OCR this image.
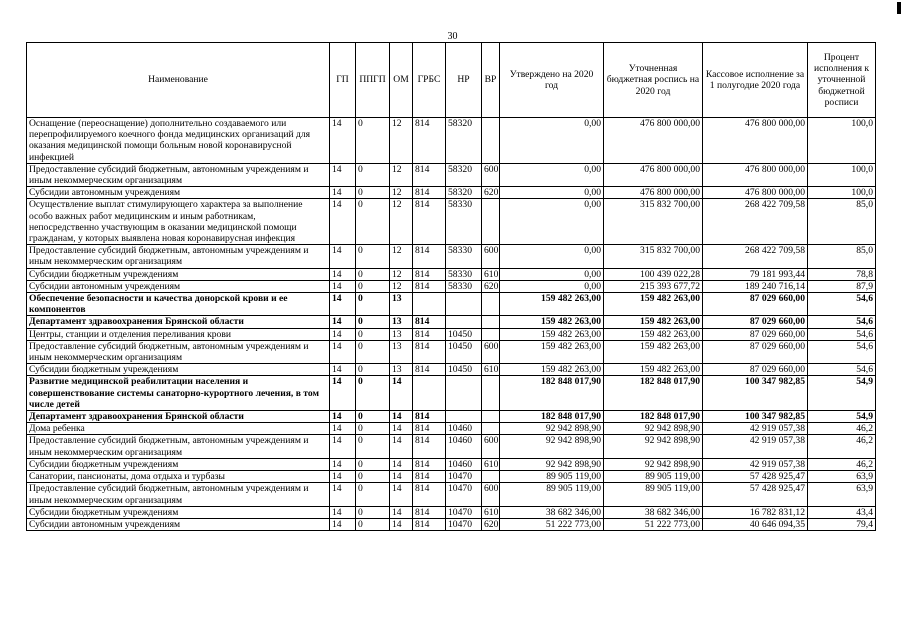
30
Наименование	ГП	ППГП	ОМ	ГРБС	НР	ВР	Утверждено на 2020 год	Уточненная бюджетная роспись на 2020 год	Кассовое исполнение за 1 полугодие 2020 года	Процент исполнения к уточненной бюджетной росписи
Оснащение (переоснащение) дополнительно создаваемого или перепрофилируемого коечного фонда медицинских организаций для оказания медицинской помощи больным новой коронавирусной инфекцией	14	0	12	814	58320		0,00	476 800 000,00	476 800 000,00	100,0
Предоставление субсидий бюджетным, автономным учреждениям и иным некоммерческим организациям	14	0	12	814	58320	600	0,00	476 800 000,00	476 800 000,00	100,0
Субсидии автономным учреждениям	14	0	12	814	58320	620	0,00	476 800 000,00	476 800 000,00	100,0
Осуществление выплат стимулирующего характера за выполнение особо важных работ медицинским и иным работникам, непосредственно участвующим в оказании медицинской помощи гражданам, у которых выявлена новая коронавирусная инфекция	14	0	12	814	58330		0,00	315 832 700,00	268 422 709,58	85,0
Предоставление субсидий бюджетным, автономным учреждениям и иным некоммерческим организациям	14	0	12	814	58330	600	0,00	315 832 700,00	268 422 709,58	85,0
Субсидии бюджетным учреждениям	14	0	12	814	58330	610	0,00	100 439 022,28	79 181 993,44	78,8
Субсидии автономным учреждениям	14	0	12	814	58330	620	0,00	215 393 677,72	189 240 716,14	87,9
Обеспечение безопасности и качества донорской крови и ее компонентов	14	0	13				159 482 263,00	159 482 263,00	87 029 660,00	54,6
Департамент здравоохранения Брянской области	14	0	13	814			159 482 263,00	159 482 263,00	87 029 660,00	54,6
Центры, станции и отделения переливания крови	14	0	13	814	10450		159 482 263,00	159 482 263,00	87 029 660,00	54,6
Предоставление субсидий бюджетным, автономным учреждениям и иным некоммерческим организациям	14	0	13	814	10450	600	159 482 263,00	159 482 263,00	87 029 660,00	54,6
Субсидии бюджетным учреждениям	14	0	13	814	10450	610	159 482 263,00	159 482 263,00	87 029 660,00	54,6
Развитие медицинской реабилитации населения и совершенствование системы санаторно-курортного лечения, в том числе детей	14	0	14				182 848 017,90	182 848 017,90	100 347 982,85	54,9
Департамент здравоохранения Брянской области	14	0	14	814			182 848 017,90	182 848 017,90	100 347 982,85	54,9
Дома ребенка	14	0	14	814	10460		92 942 898,90	92 942 898,90	42 919 057,38	46,2
Предоставление субсидий бюджетным, автономным учреждениям и иным некоммерческим организациям	14	0	14	814	10460	600	92 942 898,90	92 942 898,90	42 919 057,38	46,2
Субсидии бюджетным учреждениям	14	0	14	814	10460	610	92 942 898,90	92 942 898,90	42 919 057,38	46,2
Санатории, пансионаты, дома отдыха и турбазы	14	0	14	814	10470		89 905 119,00	89 905 119,00	57 428 925,47	63,9
Предоставление субсидий бюджетным, автономным учреждениям и иным некоммерческим организациям	14	0	14	814	10470	600	89 905 119,00	89 905 119,00	57 428 925,47	63,9
Субсидии бюджетным учреждениям	14	0	14	814	10470	610	38 682 346,00	38 682 346,00	16 782 831,12	43,4
Субсидии автономным учреждениям	14	0	14	814	10470	620	51 222 773,00	51 222 773,00	40 646 094,35	79,4
